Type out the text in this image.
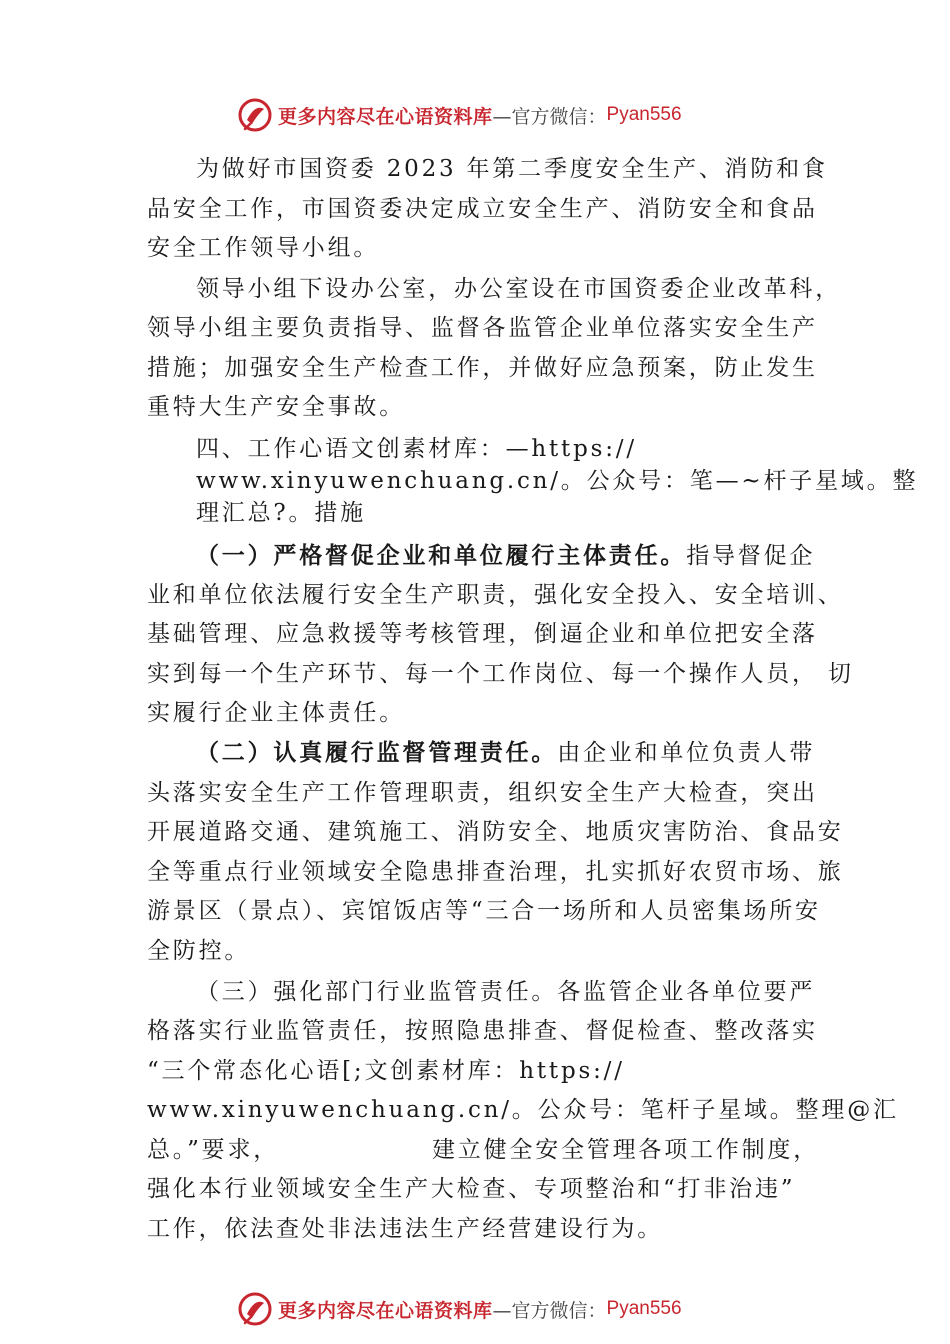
更多内容尽在心语资料库 —官方微信： Pyan556
为做好市国资委 2023 年第二季度安全生产、消防和食
品安全工作，市国资委决定成立安全生产、消防安全和食品
安全工作领导小组。
领导小组下设办公室，办公室设在市国资委企业改革科，
领导小组主要负责指导、监督各监管企业单位落实安全生产
措施；加强安全生产检查工作，并做好应急预案，防止发生
重特大生产安全事故。
四、工作心语文创素材库：—https://
www.xinyuwenchuang.cn/。公众号：笔—~杆子星域。整
理汇总?。措施
（一）严格督促企业和单位履行主体责任。指导督促企
业和单位依法履行安全生产职责，强化安全投入、安全培训、
基础管理、应急救援等考核管理，倒逼企业和单位把安全落
实到每一个生产环节、每一个工作岗位、每一个操作人员， 切
实履行企业主体责任。
（二）认真履行监督管理责任。由企业和单位负责人带
头落实安全生产工作管理职责，组织安全生产大检查，突出
开展道路交通、建筑施工、消防安全、地质灾害防治、食品安
全等重点行业领域安全隐患排查治理，扎实抓好农贸市场、旅
游景区（景点）、宾馆饭店等“三合一场所和人员密集场所安
全防控。
（三）强化部门行业监管责任。各监管企业各单位要严
格落实行业监管责任，按照隐患排查、督促检查、整改落实
“三个常态化心语[;文创素材库：https://
www.xinyuwenchuang.cn/。公众号：笔杆子星域。整理@汇
总。”要求，	建立健全安全管理各项工作制度，
强化本行业领域安全生产大检查、专项整治和“打非治违”
工作，依法查处非法违法生产经营建设行为。
更多内容尽在心语资料库 —官方微信： Pyan556
